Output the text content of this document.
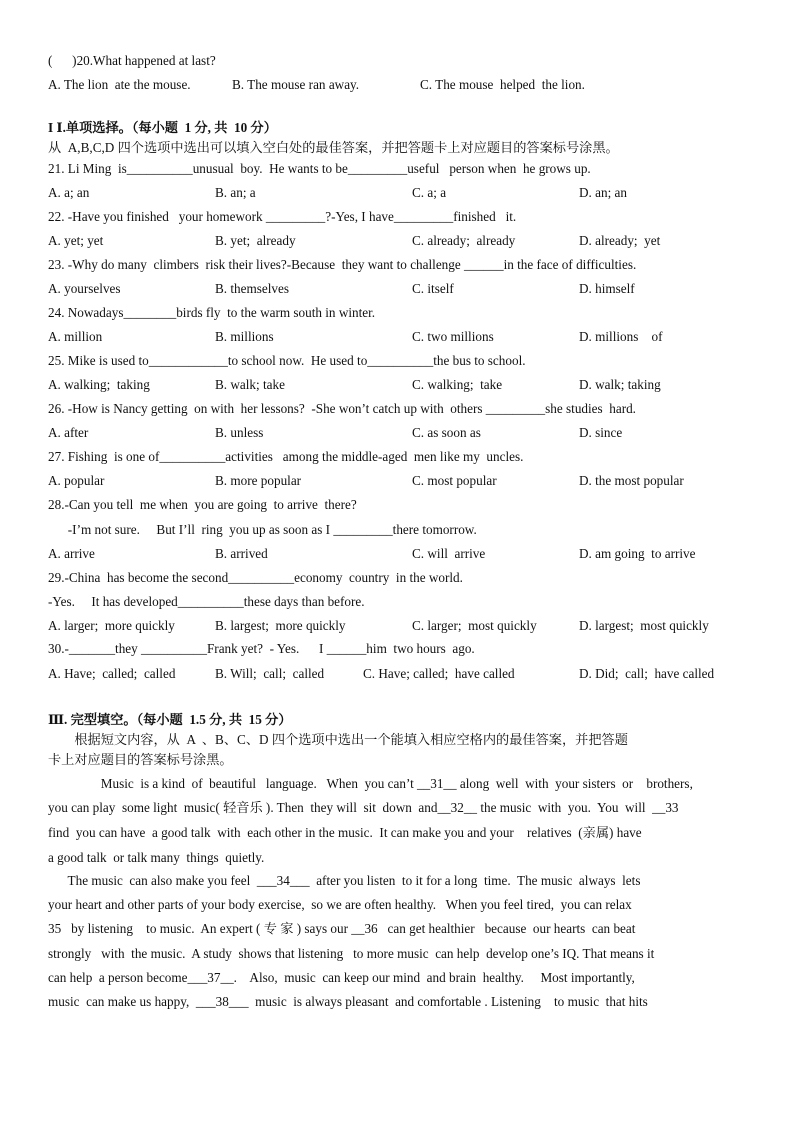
(      )20.What happened at last?
A. The lion  ate the mouse.	B. The mouse ran away.	C. The mouse  helped  the lion.
I Ⅰ.单项选择。（每小题  1 分, 共  10 分）
从  A,B,C,D 四个选项中选出可以填入空白处的最佳答案，并把答题卡上对应题目的答案标号涂黑。
21. Li Ming  is__________unusual  boy.  He wants to be_________useful   person when  he grows up.
A. a; an	B. an; a	C. a; a	D. an; an
22. -Have you finished   your homework _________?-Yes, I have_________finished   it.
A. yet; yet	B. yet;  already	C. already;  already	D. already;  yet
23. -Why do many  climbers  risk their lives?-Because  they want to challenge ______in the face of difficulties.
A. yourselves	B. themselves	C. itself	D. himself
24. Nowadays________birds fly  to the warm south in winter.
A. million	B. millions	C. two millions	D. millions    of
25. Mike is used to____________to school now.  He used to__________the bus to school.
A. walking;  taking	B. walk; take	C. walking;  take	D. walk; taking
26. -How is Nancy getting  on with  her lessons?  -She won’t catch up with  others _________she studies  hard.
A. after	B. unless	C. as soon as	D. since
27. Fishing  is one of__________activities   among the middle-aged  men like my  uncles.
A. popular	B. more popular	C. most popular	D. the most popular
28.-Can you tell  me when  you are going  to arrive  there?
-I’m not sure.     But I’ll  ring  you up as soon as I _________there tomorrow.
A. arrive	B. arrived	C. will  arrive	D. am going  to arrive
29.-China  has become the second__________economy  country  in the world.
-Yes.     It has developed__________these days than before.
A. larger;  more quickly	B. largest;  more quickly	C. larger;  most quickly	D. largest;  most quickly
30.-_______they __________Frank yet?  - Yes.      I ______him  two hours  ago.
A. Have;  called;  called	B. Will;  call;  called	C. Have; called;  have called	D. Did;  call;  have called
Ⅲ. 完型填空。（每小题  1.5 分, 共  15 分）
根据短文内容，从  A  、B、C、D 四个选项中选出一个能填入相应空格内的最佳答案，并把答题
卡上对应题目的答案标号涂黑。
Music  is a kind  of  beautiful   language.   When  you can’t __31__ along  well  with  your sisters  or    brothers,
you can play  some light  music( 轻音乐 ). Then  they will  sit  down  and__32__ the music  with  you.  You  will  __33
find  you can have  a good talk  with  each other in the music.  It can make you and your    relatives  (亲属) have
a good talk  or talk many  things  quietly.
The music  can also make you feel  ___34___  after you listen  to it for a long  time.  The music  always  lets
your heart and other parts of your body exercise,  so we are often healthy.   When you feel tired,  you can relax
35   by listening    to music.  An expert ( 专 家 ) says our __36   can get healthier   because  our hearts  can beat
strongly   with  the music.  A study  shows that listening   to more music  can help  develop one’s IQ. That means it
can help  a person become___37__.    Also,  music  can keep our mind  and brain  healthy.     Most importantly,
music  can make us happy,  ___38___  music  is always pleasant  and comfortable . Listening    to music  that hits
